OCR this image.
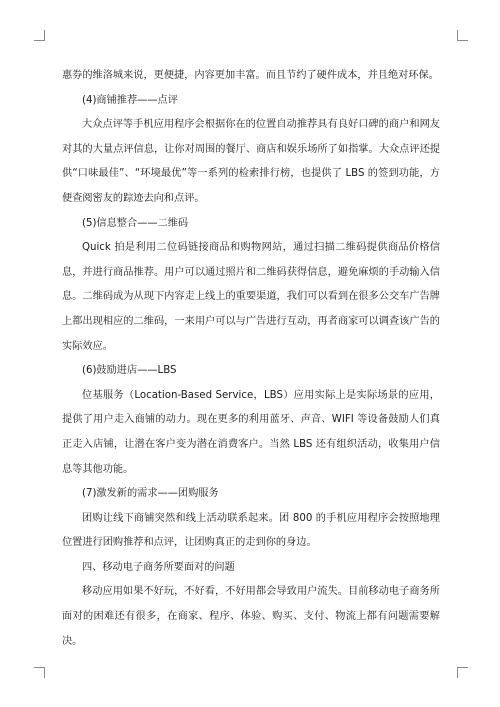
惠券的维洛城来说，更便捷，内容更加丰富。而且节约了硬件成本，并且绝对环保。

(4)商铺推荐——点评

大众点评等手机应用程序会根据你在的位置自动推荐具有良好口碑的商户和网友对其的大量点评信息，让你对周围的餐厅、商店和娱乐场所了如指掌。大众点评还提供“口味最佳”、“环境最优”等一系列的检索排行榜，也提供了 LBS 的签到功能，方便查阅密友的踪迹去向和点评。

(5)信息整合——二维码

Quick 拍是利用二位码链接商品和购物网站，通过扫描二维码提供商品价格信息，并进行商品推荐。用户可以通过照片和二维码获得信息，避免麻烦的手动输入信息。二维码成为从现下内容走上线上的重要渠道，我们可以看到在很多公交车广告牌上都出现相应的二维码，一来用户可以与广告进行互动，再者商家可以调查该广告的实际效应。

(6)鼓励进店——LBS

位基服务（Location-Based Service，LBS）应用实际上是实际场景的应用，提供了用户走入商铺的动力。现在更多的利用蓝牙、声音、WIFI 等设备鼓励人们真正走入店铺，让潜在客户变为潜在消费客户。当然 LBS 还有组织活动，收集用户信息等其他功能。

(7)激发新的需求——团购服务

团购让线下商铺突然和线上活动联系起来。团 800 的手机应用程序会按照地理位置进行团购推荐和点评，让团购真正的走到你的身边。

四、移动电子商务所要面对的问题

移动应用如果不好玩，不好看，不好用都会导致用户流失。目前移动电子商务所面对的困难还有很多，在商家、程序、体验、购买、支付、物流上都有问题需要解决。
